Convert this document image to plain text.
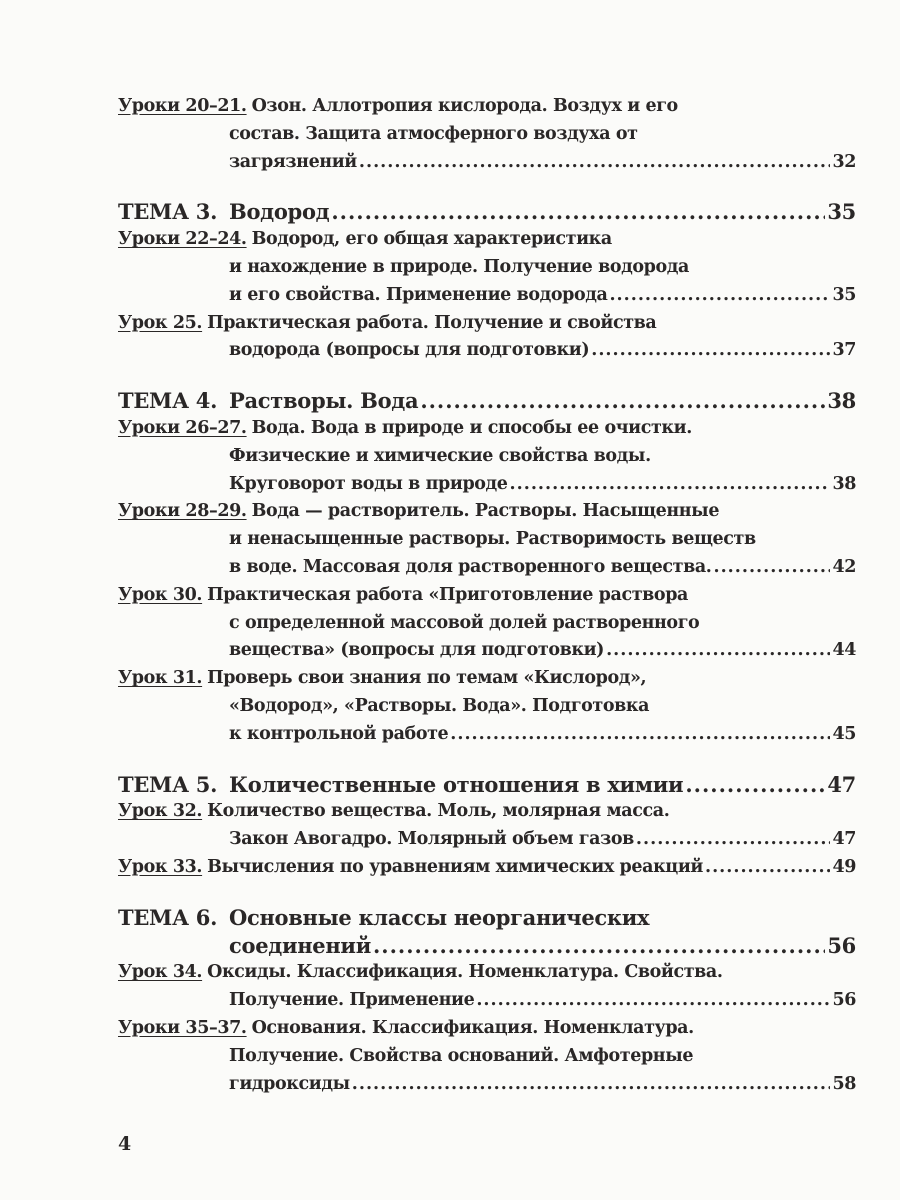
Уроки 20–21. Озон. Аллотропия кислорода. Воздух и его
состав. Защита атмосферного воздуха от
загрязнений .....	32
ТЕМА 3. Водород .....	35
Уроки 22–24. Водород, его общая характеристика
и нахождение в природе. Получение водорода
и его свойства. Применение водорода .....	35
Урок 25. Практическая работа. Получение и свойства
водорода (вопросы для подготовки) .....	37
ТЕМА 4. Растворы. Вода .....	38
Уроки 26–27. Вода. Вода в природе и способы ее очистки.
Физические и химические свойства воды.
Круговорот воды в природе .....	38
Уроки 28–29. Вода — растворитель. Растворы. Насыщенные
и ненасыщенные растворы. Растворимость веществ
в воде. Массовая доля растворенного вещества. .....	42
Урок 30. Практическая работа «Приготовление раствора
с определенной массовой долей растворенного
вещества» (вопросы для подготовки) .....	44
Урок 31. Проверь свои знания по темам «Кислород»,
«Водород», «Растворы. Вода». Подготовка
к контрольной работе .....	45
ТЕМА 5. Количественные отношения в химии .....	47
Урок 32. Количество вещества. Моль, молярная масса.
Закон Авогадро. Молярный объем газов .....	47
Урок 33. Вычисления по уравнениям химических реакций .....	49
ТЕМА 6. Основные классы неорганических
соединений .....	56
Урок 34. Оксиды. Классификация. Номенклатура. Свойства.
Получение. Применение .....	56
Уроки 35–37. Основания. Классификация. Номенклатура.
Получение. Свойства оснований. Амфотерные
гидроксиды .....	58
4
